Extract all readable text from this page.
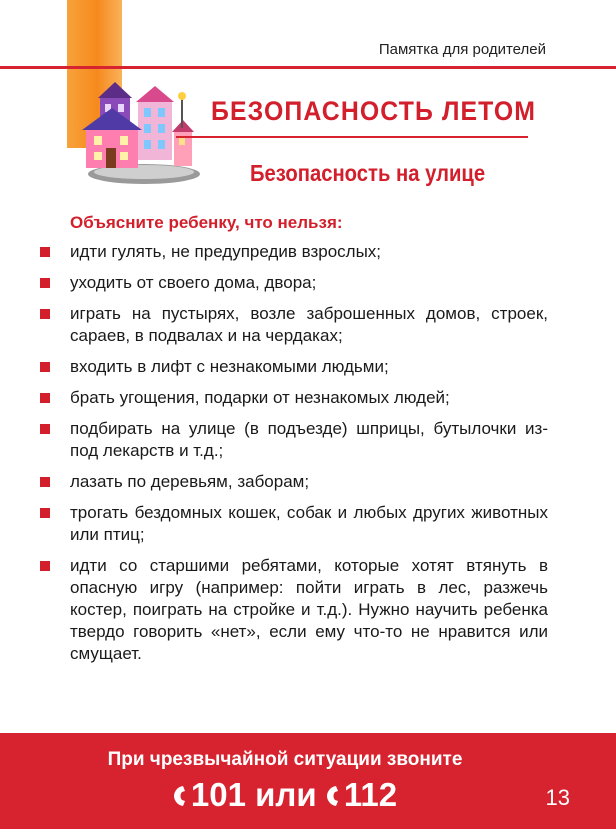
Памятка для родителей
БЕЗОПАСНОСТЬ ЛЕТОМ
Безопасность на улице
Объясните ребенку, что нельзя:
идти гулять, не предупредив взрослых;
уходить от своего дома, двора;
играть на пустырях, возле заброшенных домов, строек, сараев, в подвалах и на чердаках;
входить в лифт с незнакомыми людьми;
брать угощения, подарки от незнакомых людей;
подбирать на улице (в подъезде) шприцы, бутылочки из-под лекарств и т.д.;
лазать по деревьям, заборам;
трогать бездомных кошек, собак и любых других животных или птиц;
идти со старшими ребятами, которые хотят втянуть в опасную игру (например: пойти играть в лес, разжечь костер, поиграть на стройке и т.д.). Нужно научить ребенка твердо говорить «нет», если ему что-то не нравится или смущает.
При чрезвычайной ситуации звоните
101 или 112	13
